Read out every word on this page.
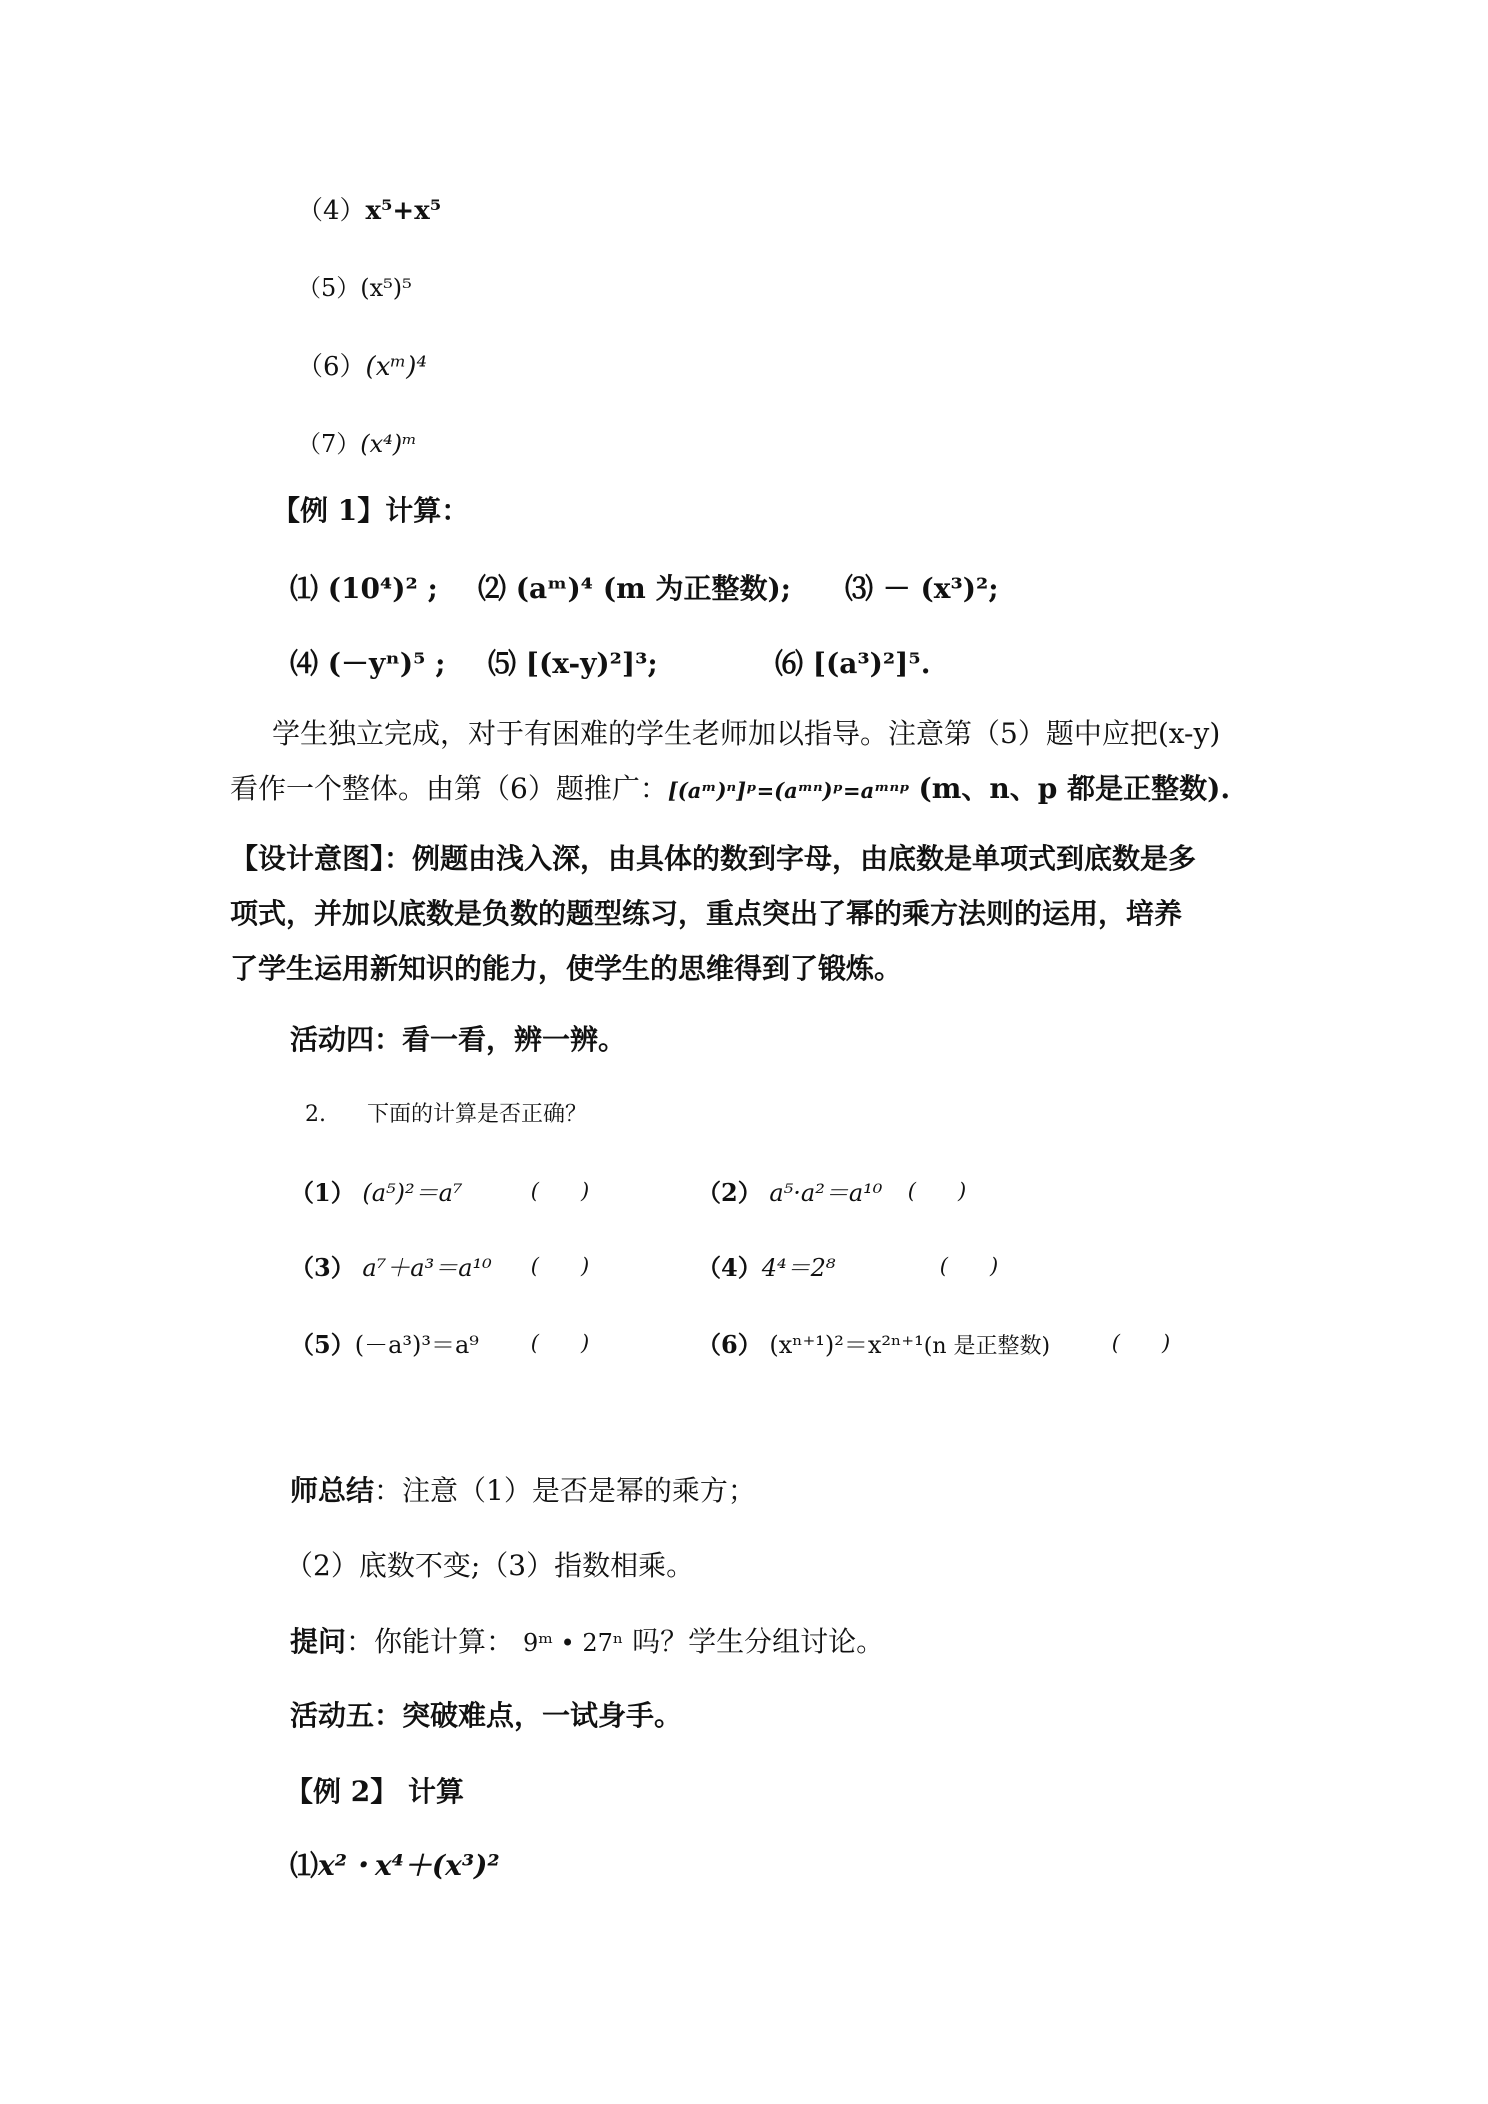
（4）x⁵+x⁵
（5）(x⁵)⁵
（6）(xᵐ)⁴
（7）(x⁴)ᵐ
【例 1】计算：
⑴ (10⁴)² ; ⑵ (aᵐ)⁴ (m 为正整数); ⑶ － (x³)²;
⑷ (－yⁿ)⁵ ; ⑸ [(x-y)²]³;	⑹ [(a³)²]⁵.
学生独立完成，对于有困难的学生老师加以指导。注意第（5）题中应把(x-y)
看作一个整体。由第（6）题推广：[(aᵐ)ⁿ]ᵖ=(aᵐⁿ)ᵖ=aᵐⁿᵖ (m、n、p 都是正整数).
【设计意图】：例题由浅入深，由具体的数到字母，由底数是单项式到底数是多
项式，并加以底数是负数的题型练习，重点突出了幂的乘方法则的运用，培养
了学生运用新知识的能力，使学生的思维得到了锻炼。
活动四：看一看，辨一辨。
2. 下面的计算是否正确？
（1） (a⁵)²＝a⁷	(　　)	（2） a⁵·a²＝a¹⁰	(　　)
（3） a⁷＋a³＝a¹⁰	(　　)	（4）4⁴＝2⁸	(　　)
（5）(－a³)³＝a⁹	(　　)	（6） (xⁿ⁺¹)²＝x²ⁿ⁺¹(n 是正整数)	(　　)
师总结：注意（1）是否是幂的乘方；
（2）底数不变;（3）指数相乘。
提问：你能计算： 9ᵐ • 27ⁿ 吗？学生分组讨论。
活动五：突破难点，一试身手。
【例 2】 计算
⑴x²・x⁴＋(x³)²
